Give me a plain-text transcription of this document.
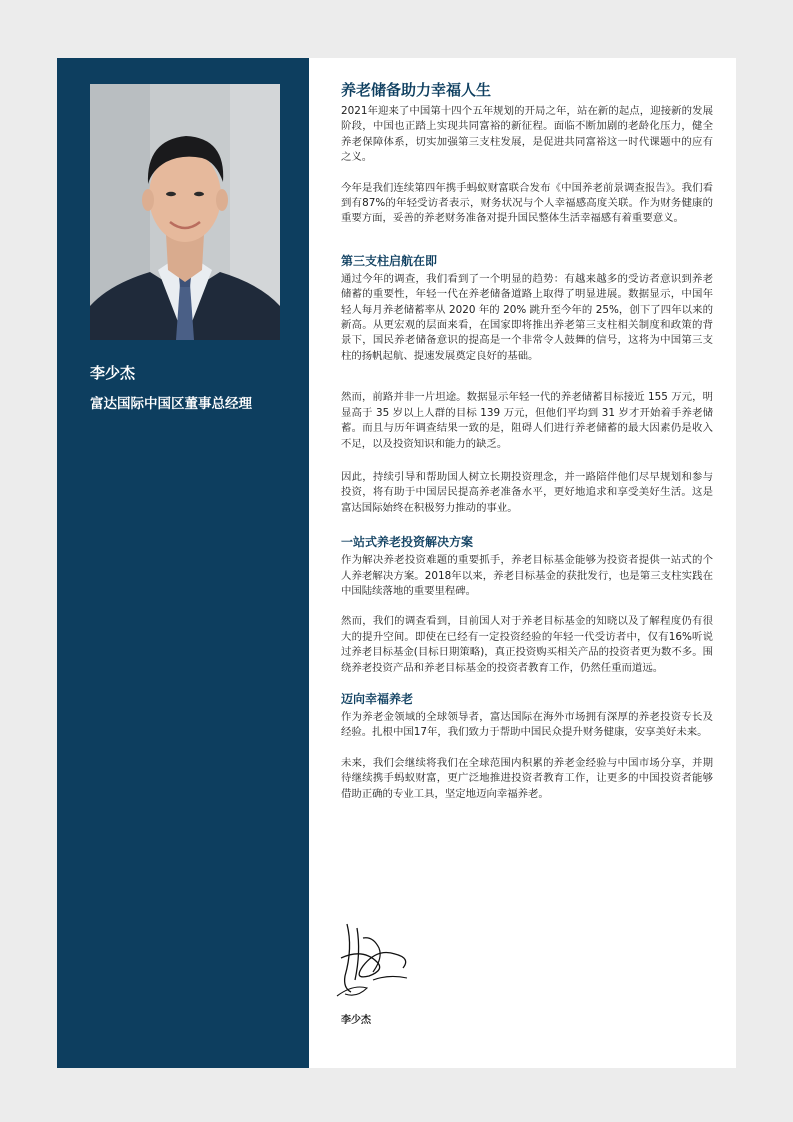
李少杰
富达国际中国区董事总经理
养老储备助力幸福人生

2021年迎来了中国第十四个五年规划的开局之年，站在新的起点，迎接新的发展阶段，中国也正踏上实现共同富裕的新征程。面临不断加剧的老龄化压力，健全养老保障体系，切实加强第三支柱发展，是促进共同富裕这一时代课题中的应有之义。

今年是我们连续第四年携手蚂蚁财富联合发布《中国养老前景调查报告》。我们看到有87%的年轻受访者表示，财务状况与个人幸福感高度关联。作为财务健康的重要方面，妥善的养老财务准备对提升国民整体生活幸福感有着重要意义。

第三支柱启航在即

通过今年的调查，我们看到了一个明显的趋势：有越来越多的受访者意识到养老储蓄的重要性，年轻一代在养老储备道路上取得了明显进展。数据显示，中国年轻人每月养老储蓄率从 2020 年的 20% 跳升至今年的 25%，创下了四年以来的新高。从更宏观的层面来看，在国家即将推出养老第三支柱相关制度和政策的背景下，国民养老储备意识的提高是一个非常令人鼓舞的信号，这将为中国第三支柱的扬帆起航、提速发展奠定良好的基础。

然而，前路并非一片坦途。数据显示年轻一代的养老储蓄目标接近 155 万元，明显高于 35 岁以上人群的目标 139 万元，但他们平均到 31 岁才开始着手养老储蓄。而且与历年调查结果一致的是，阻碍人们进行养老储蓄的最大因素仍是收入不足，以及投资知识和能力的缺乏。

因此，持续引导和帮助国人树立长期投资理念，并一路陪伴他们尽早规划和参与投资，将有助于中国居民提高养老准备水平，更好地追求和享受美好生活。这是富达国际始终在积极努力推动的事业。

一站式养老投资解决方案

作为解决养老投资难题的重要抓手，养老目标基金能够为投资者提供一站式的个人养老解决方案。2018年以来，养老目标基金的获批发行，也是第三支柱实践在中国陆续落地的重要里程碑。

然而，我们的调查看到，目前国人对于养老目标基金的知晓以及了解程度仍有很大的提升空间。即使在已经有一定投资经验的年轻一代受访者中，仅有16%听说过养老目标基金(目标日期策略)，真正投资购买相关产品的投资者更为数不多。围绕养老投资产品和养老目标基金的投资者教育工作，仍然任重而道远。

迈向幸福养老

作为养老金领域的全球领导者，富达国际在海外市场拥有深厚的养老投资专长及经验。扎根中国17年，我们致力于帮助中国民众提升财务健康，安享美好未来。

未来，我们会继续将我们在全球范围内积累的养老金经验与中国市场分享，并期待继续携手蚂蚁财富，更广泛地推进投资者教育工作，让更多的中国投资者能够借助正确的专业工具，坚定地迈向幸福养老。

李少杰
